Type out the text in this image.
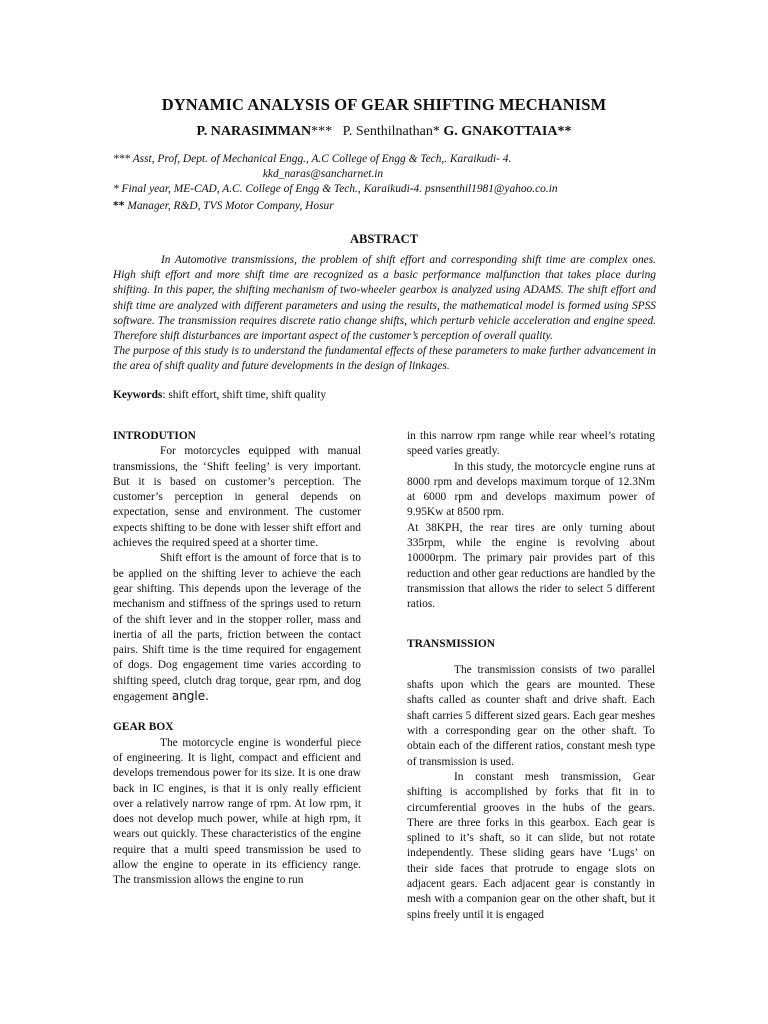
DYNAMIC ANALYSIS OF GEAR SHIFTING MECHANISM
P. NARASIMMAN*** P. Senthilnathan* G. GNAKOTTAIA**
*** Asst, Prof, Dept. of Mechanical Engg., A.C College of Engg & Tech,. Karaikudi- 4.
kkd_naras@sancharnet.in
* Final year, ME-CAD, A.C. College of Engg & Tech., Karaikudi-4. psnsenthil1981@yahoo.co.in
** Manager, R&D, TVS Motor Company, Hosur
ABSTRACT

In Automotive transmissions, the problem of shift effort and corresponding shift time are complex ones. High shift effort and more shift time are recognized as a basic performance malfunction that takes place during shifting. In this paper, the shifting mechanism of two-wheeler gearbox is analyzed using ADAMS. The shift effort and shift time are analyzed with different parameters and using the results, the mathematical model is formed using SPSS software. The transmission requires discrete ratio change shifts, which perturb vehicle acceleration and engine speed. Therefore shift disturbances are important aspect of the customer’s perception of overall quality.

The purpose of this study is to understand the fundamental effects of these parameters to make further advancement in the area of shift quality and future developments in the design of linkages.

Keywords: shift effort, shift time, shift quality

INTRODUTION

For motorcycles equipped with manual transmissions, the ‘Shift feeling’ is very important. But it is based on customer’s perception. The customer’s perception in general depends on expectation, sense and environment. The customer expects shifting to be done with lesser shift effort and achieves the required speed at a shorter time.

Shift effort is the amount of force that is to be applied on the shifting lever to achieve the each gear shifting. This depends upon the leverage of the mechanism and stiffness of the springs used to return of the shift lever and in the stopper roller, mass and inertia of all the parts, friction between the contact pairs. Shift time is the time required for engagement of dogs. Dog engagement time varies according to shifting speed, clutch drag torque, gear rpm, and dog engagement angle.

GEAR BOX

The motorcycle engine is wonderful piece of engineering. It is light, compact and efficient and develops tremendous power for its size. It is one draw back in IC engines, is that it is only really efficient over a relatively narrow range of rpm. At low rpm, it does not develop much power, while at high rpm, it wears out quickly. These characteristics of the engine require that a multi speed transmission be used to allow the engine to operate in its efficiency range. The transmission allows the engine to run

in this narrow rpm range while rear wheel’s rotating speed varies greatly.

In this study, the motorcycle engine runs at 8000 rpm and develops maximum torque of 12.3Nm at 6000 rpm and develops maximum power of 9.95Kw at 8500 rpm.

At 38KPH, the rear tires are only turning about 335rpm, while the engine is revolving about 10000rpm. The primary pair provides part of this reduction and other gear reductions are handled by the transmission that allows the rider to select 5 different ratios.

TRANSMISSION

The transmission consists of two parallel shafts upon which the gears are mounted. These shafts called as counter shaft and drive shaft. Each shaft carries 5 different sized gears. Each gear meshes with a corresponding gear on the other shaft. To obtain each of the different ratios, constant mesh type of transmission is used.

In constant mesh transmission, Gear shifting is accomplished by forks that fit in to circumferential grooves in the hubs of the gears. There are three forks in this gearbox. Each gear is splined to it’s shaft, so it can slide, but not rotate independently. These sliding gears have ‘Lugs’ on their side faces that protrude to engage slots on adjacent gears. Each adjacent gear is constantly in mesh with a companion gear on the other shaft, but it spins freely until it is engaged
